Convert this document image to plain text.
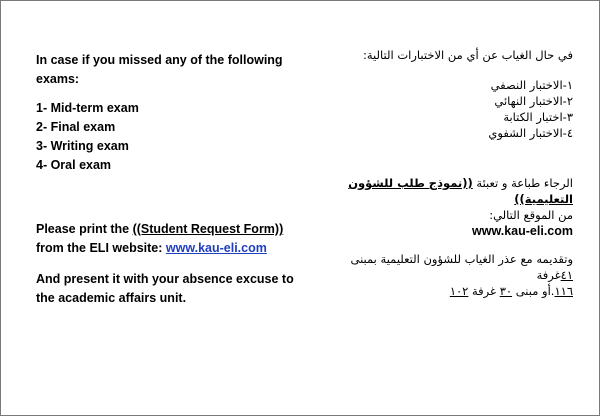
In case if you missed any of the following exams:

1- Mid-term exam
2- Final exam
3- Writing exam
4- Oral exam

Please print the ((Student Request Form))
from the ELI website: www.kau-eli.com

And present it with your absence excuse to the academic affairs unit.

في حال الغياب عن أي من الاختبارات التالية:

١-الاختبار النصفي
٢-الاختبار النهائي
٣-اختبار الكتابة
٤-الاختبار الشفوي

الرجاء طباعة و تعبئة ((نموذج طلب للشؤون التعليمية))

من الموقع التالي:

www.kau-eli.com

وتقديمه مع عذر الغياب للشؤون التعليمية بمبنى ٤١غرفة
١١٦.أو مبنى ٣٠ غرفة ١٠٢
